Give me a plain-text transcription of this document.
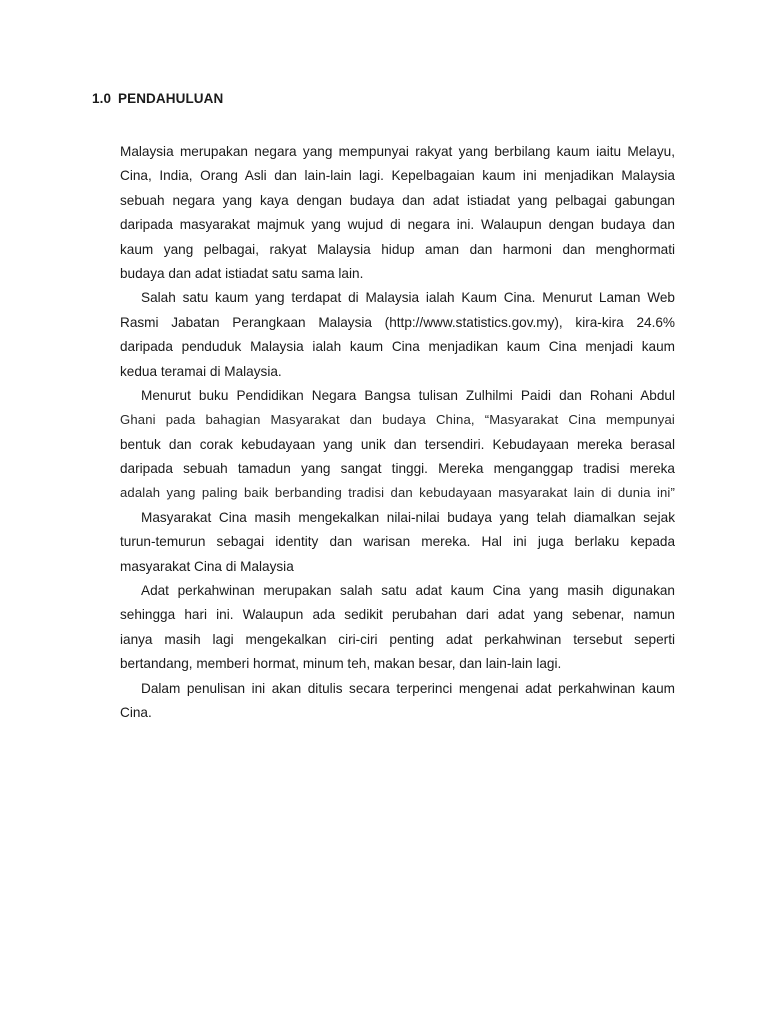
1.0 PENDAHULUAN
Malaysia merupakan negara yang mempunyai rakyat yang berbilang kaum iaitu Melayu,
Cina, India, Orang Asli dan lain-lain lagi. Kepelbagaian kaum ini menjadikan Malaysia
sebuah negara yang kaya dengan budaya dan adat istiadat yang pelbagai gabungan
daripada masyarakat majmuk yang wujud di negara ini. Walaupun dengan budaya dan
kaum yang pelbagai, rakyat Malaysia hidup aman dan harmoni dan menghormati
budaya dan adat istiadat satu sama lain.
Salah satu kaum yang terdapat di Malaysia ialah Kaum Cina. Menurut Laman Web
Rasmi Jabatan Perangkaan Malaysia (http://www.statistics.gov.my), kira-kira 24.6%
daripada penduduk Malaysia ialah kaum Cina menjadikan kaum Cina menjadi kaum
kedua teramai di Malaysia.
Menurut buku Pendidikan Negara Bangsa tulisan Zulhilmi Paidi dan Rohani Abdul
Ghani pada bahagian Masyarakat dan budaya China, “Masyarakat Cina mempunyai
bentuk dan corak kebudayaan yang unik dan tersendiri. Kebudayaan mereka berasal
daripada sebuah tamadun yang sangat tinggi. Mereka menganggap tradisi mereka
adalah yang paling baik berbanding tradisi dan kebudayaan masyarakat lain di dunia ini”
Masyarakat Cina masih mengekalkan nilai-nilai budaya yang telah diamalkan sejak
turun-temurun sebagai identity dan warisan mereka. Hal ini juga berlaku kepada
masyarakat Cina di Malaysia
Adat perkahwinan merupakan salah satu adat kaum Cina yang masih digunakan
sehingga hari ini. Walaupun ada sedikit perubahan dari adat yang sebenar, namun
ianya masih lagi mengekalkan ciri-ciri penting adat perkahwinan tersebut seperti
bertandang, memberi hormat, minum teh, makan besar, dan lain-lain lagi.
Dalam penulisan ini akan ditulis secara terperinci mengenai adat perkahwinan kaum
Cina.
